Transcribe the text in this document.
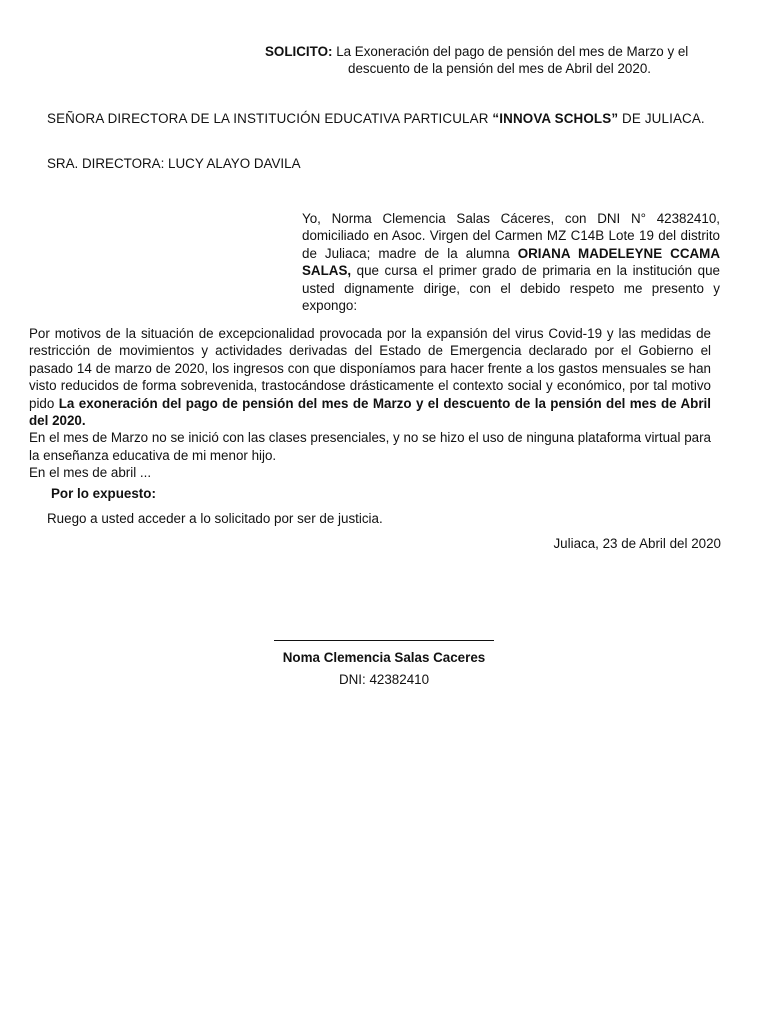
SOLICITO: La Exoneración del pago de pensión del mes de Marzo y el
descuento de la pensión del mes de Abril del 2020.
SEÑORA DIRECTORA DE LA INSTITUCIÓN EDUCATIVA PARTICULAR “INNOVA SCHOLS” DE JULIACA.
SRA. DIRECTORA: LUCY ALAYO DAVILA
Yo, Norma Clemencia Salas Cáceres, con DNI N° 42382410, domiciliado en Asoc. Virgen del Carmen MZ C14B Lote 19 del distrito de Juliaca; madre de la alumna ORIANA MADELEYNE CCAMA SALAS, que cursa el primer grado de primaria en la institución que usted dignamente dirige, con el debido respeto me presento y expongo:
Por motivos de la situación de excepcionalidad provocada por la expansión del virus Covid-19 y las medidas de restricción de movimientos y actividades derivadas del Estado de Emergencia declarado por el Gobierno el pasado 14 de marzo de 2020, los ingresos con que disponíamos para hacer frente a los gastos mensuales se han visto reducidos de forma sobrevenida, trastocándose drásticamente el contexto social y económico, por tal motivo pido La exoneración del pago de pensión del mes de Marzo y el descuento de la pensión del mes de Abril del 2020.
En el mes de Marzo no se inició con las clases presenciales, y no se hizo el uso de ninguna plataforma virtual para la enseñanza educativa de mi menor hijo.
En el mes de abril ...
Por lo expuesto:
Ruego a usted acceder a lo solicitado por ser de justicia.
Juliaca, 23 de Abril del 2020
Noma Clemencia Salas Caceres
DNI: 42382410
